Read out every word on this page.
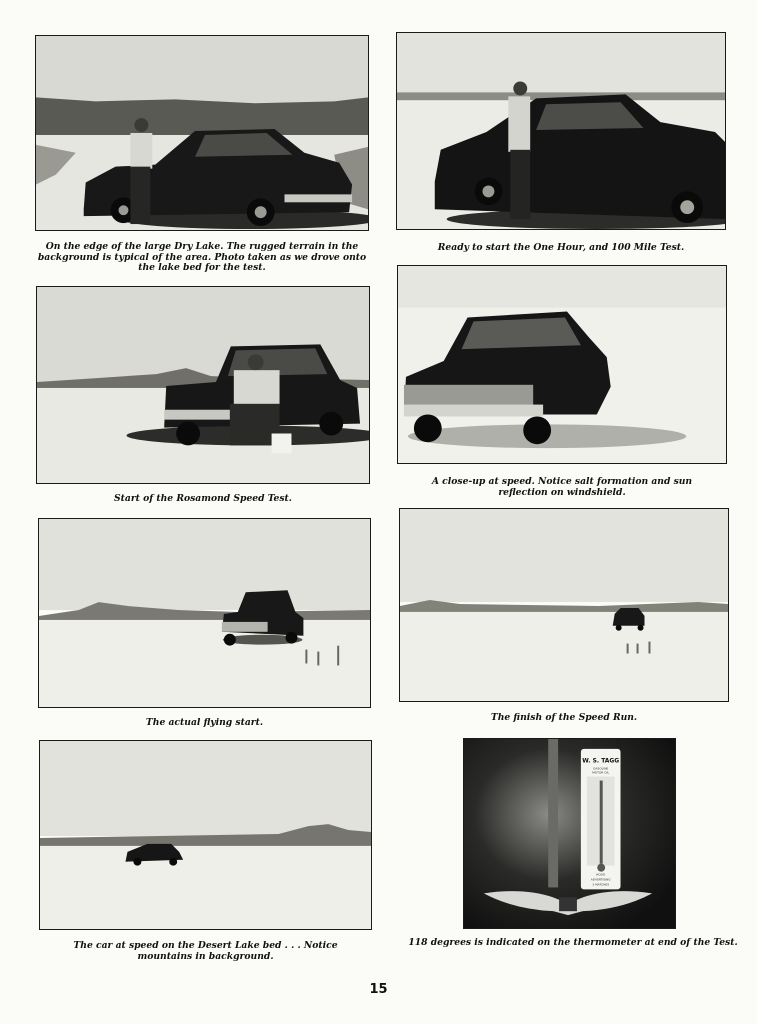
On the edge of the large Dry Lake. The rugged terrain in the
background is typical of the area. Photo taken as we drove onto
the lake bed for the test.
Ready to start the One Hour, and 100 Mile Test.
Start of the Rosamond Speed Test.
A close-up at speed. Notice salt formation and sun
reflection on windshield.
The actual flying start.	The finish of the Speed Run.
The car at speed on the Desert Lake bed . . . Notice
mountains in background.
W. S. TAGG
GASOLINE
MOTOR OIL
HOOD
ADVERTISING
3 MATCHES
118 degrees is indicated on the thermometer at end of the Test.
15
